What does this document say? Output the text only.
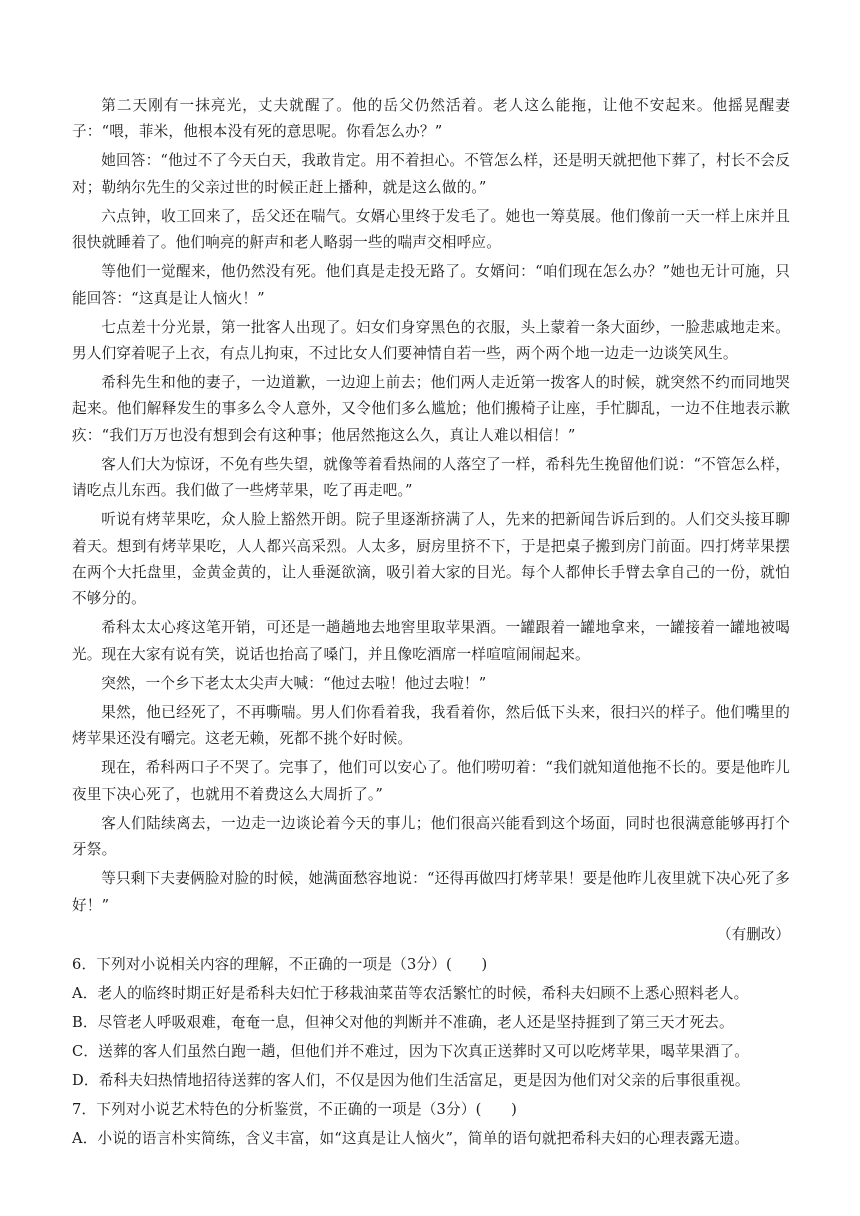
第二天刚有一抹亮光，丈夫就醒了。他的岳父仍然活着。老人这么能拖，让他不安起来。他摇晃醒妻子：“喂，菲米，他根本没有死的意思呢。你看怎么办？”

她回答：“他过不了今天白天，我敢肯定。用不着担心。不管怎么样，还是明天就把他下葬了，村长不会反对；勒纳尔先生的父亲过世的时候正赶上播种，就是这么做的。”

六点钟，收工回来了，岳父还在喘气。女婿心里终于发毛了。她也一筹莫展。他们像前一天一样上床并且很快就睡着了。他们响亮的鼾声和老人略弱一些的喘声交相呼应。

等他们一觉醒来，他仍然没有死。他们真是走投无路了。女婿问：“咱们现在怎么办？”她也无计可施，只能回答：“这真是让人恼火！”

七点差十分光景，第一批客人出现了。妇女们身穿黑色的衣服，头上蒙着一条大面纱，一脸悲戚地走来。男人们穿着呢子上衣，有点儿拘束，不过比女人们要神情自若一些，两个两个地一边走一边谈笑风生。

希科先生和他的妻子，一边道歉，一边迎上前去；他们两人走近第一拨客人的时候，就突然不约而同地哭起来。他们解释发生的事多么令人意外，又令他们多么尴尬；他们搬椅子让座，手忙脚乱，一边不住地表示歉疚：“我们万万也没有想到会有这种事；他居然拖这么久，真让人难以相信！”

客人们大为惊讶，不免有些失望，就像等着看热闹的人落空了一样，希科先生挽留他们说：“不管怎么样，请吃点儿东西。我们做了一些烤苹果，吃了再走吧。”

听说有烤苹果吃，众人脸上豁然开朗。院子里逐渐挤满了人，先来的把新闻告诉后到的。人们交头接耳聊着天。想到有烤苹果吃，人人都兴高采烈。人太多，厨房里挤不下，于是把桌子搬到房门前面。四打烤苹果摆在两个大托盘里，金黄金黄的，让人垂涎欲滴，吸引着大家的目光。每个人都伸长手臂去拿自己的一份，就怕不够分的。

希科太太心疼这笔开销，可还是一趟趟地去地窖里取苹果酒。一罐跟着一罐地拿来，一罐接着一罐地被喝光。现在大家有说有笑，说话也抬高了嗓门，并且像吃酒席一样喧喧闹闹起来。

突然，一个乡下老太太尖声大喊：“他过去啦！他过去啦！”

果然，他已经死了，不再嘶喘。男人们你看着我，我看着你，然后低下头来，很扫兴的样子。他们嘴里的烤苹果还没有嚼完。这老无赖，死都不挑个好时候。

现在，希科两口子不哭了。完事了，他们可以安心了。他们唠叨着：“我们就知道他拖不长的。要是他昨儿夜里下决心死了，也就用不着费这么大周折了。”

客人们陆续离去，一边走一边谈论着今天的事儿；他们很高兴能看到这个场面，同时也很满意能够再打个牙祭。

等只剩下夫妻俩脸对脸的时候，她满面愁容地说：“还得再做四打烤苹果！要是他昨儿夜里就下决心死了多好！”

（有删改）

6．下列对小说相关内容的理解，不正确的一项是（3分）(　　)

A．老人的临终时期正好是希科夫妇忙于移栽油菜苗等农活繁忙的时候，希科夫妇顾不上悉心照料老人。

B．尽管老人呼吸艰难，奄奄一息，但神父对他的判断并不准确，老人还是坚持捱到了第三天才死去。

C．送葬的客人们虽然白跑一趟，但他们并不难过，因为下次真正送葬时又可以吃烤苹果，喝苹果酒了。

D．希科夫妇热情地招待送葬的客人们，不仅是因为他们生活富足，更是因为他们对父亲的后事很重视。

7．下列对小说艺术特色的分析鉴赏，不正确的一项是（3分）(　　)

A．小说的语言朴实简练，含义丰富，如“这真是让人恼火”，简单的语句就把希科夫妇的心理表露无遗。
